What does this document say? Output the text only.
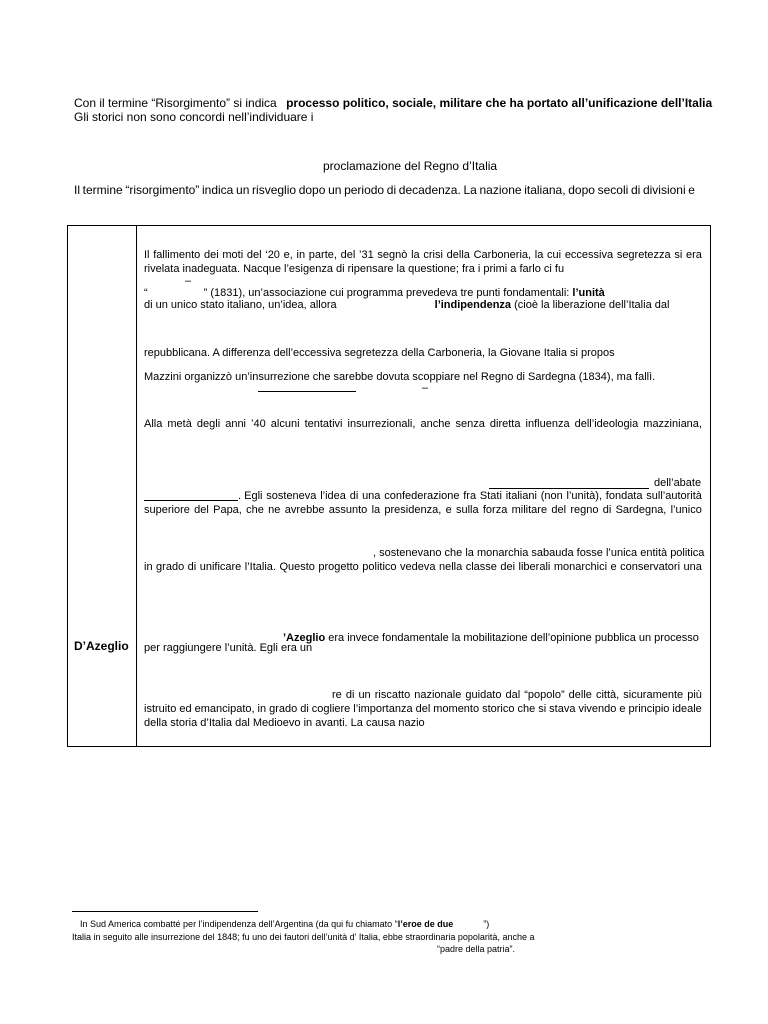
Con il termine “Risorgimento” si indica processo politico, sociale, militare che ha portato all’unificazione dell’Italia
Gli storici non sono concordi nell’individuare i
proclamazione del Regno d’Italia
Il termine “risorgimento” indica un risveglio dopo un periodo di decadenza. La nazione italiana, dopo secoli di divisioni e
D’Azeglio
Il fallimento dei moti del ‘20 e, in parte, del ’31 segnò la crisi della Carboneria, la cui eccessiva segretezza si era
rivelata inadeguata. Nacque l’esigenza di ripensare la questione; fra i primi a farlo ci fu
–
“	” (1831), un’associazione cui programma prevedeva tre punti fondamentali: l’unità
di un unico stato italiano, un’idea, allora	l’indipendenza (cioè la liberazione dell’Italia dal
repubblicana. A differenza dell’eccessiva segretezza della Carboneria, la Giovane Italia si propos
Mazzini organizzò un’insurrezione che sarebbe dovuta scoppiare nel Regno di Sardegna (1834), ma fallì.
–
Alla metà degli anni ’40 alcuni tentativi insurrezionali, anche senza diretta influenza dell’ideologia mazziniana,
dell’abate
. Egli sosteneva l’idea di una confederazione fra Stati italiani (non l’unità), fondata sull’autorità
superiore del Papa, che ne avrebbe assunto la presidenza, e sulla forza militare del regno di Sardegna, l’unico
, sostenevano che la monarchia sabauda fosse l’unica entità politica
in grado di unificare l’Italia. Questo progetto politico vedeva nella classe dei liberali monarchici e conservatori una
’Azeglio era invece fondamentale la mobilitazione dell’opinione pubblica un processo
per raggiungere l’unità. Egli era un
re di un riscatto nazionale guidato dal “popolo” delle città, sicuramente più
istruito ed emancipato, in grado di cogliere l’importanza del momento storico che si stava vivendo e principio ideale
della storia d’Italia dal Medioevo in avanti. La causa nazio
In Sud America combatté per l’indipendenza dell’Argentina (da qui fu chiamato “l’eroe de due	”)
Italia in seguito alle insurrezione del 1848; fu uno dei fautori dell’unità d’ Italia, ebbe straordinaria popolarità, anche a
“padre della patria”.
